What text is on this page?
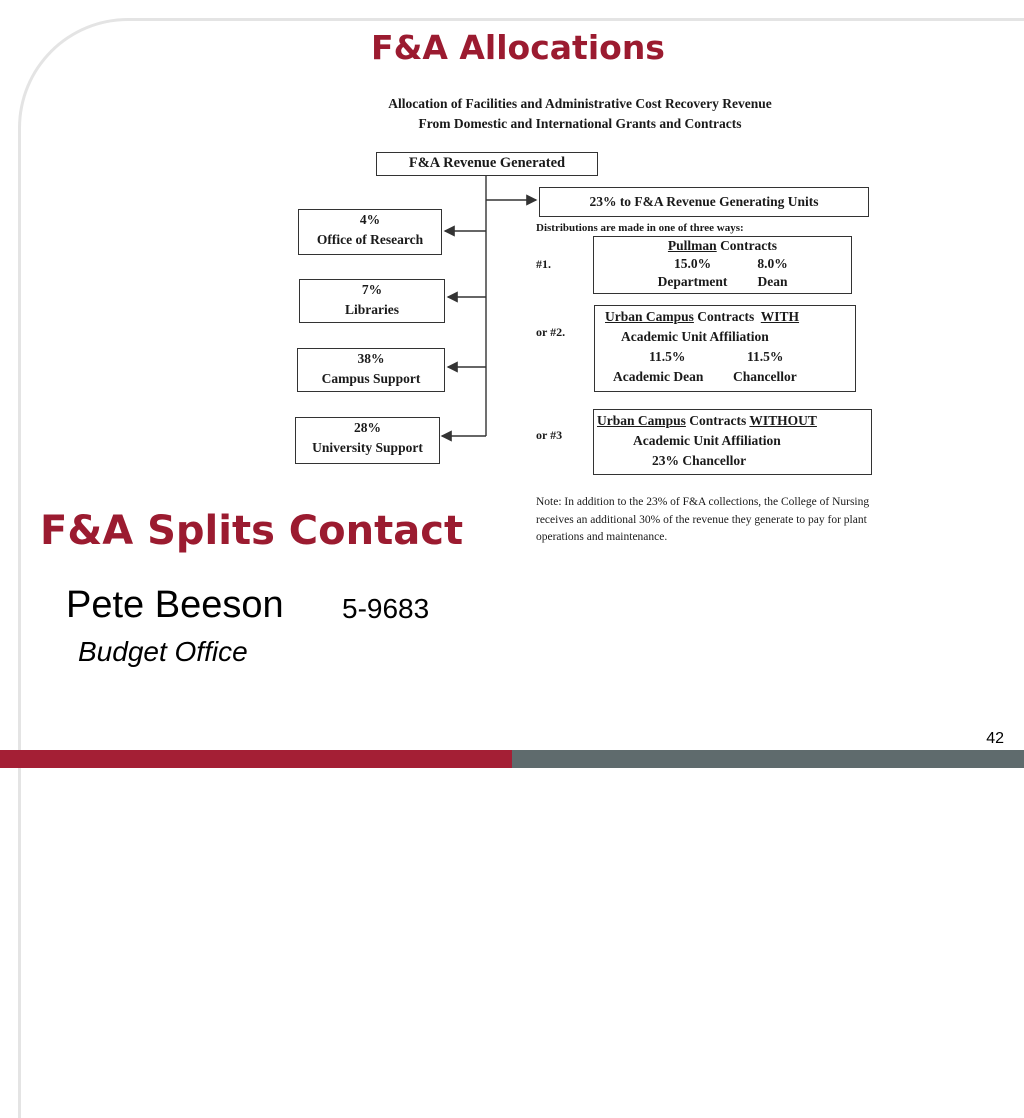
F&A Allocations
Allocation of Facilities and Administrative Cost Recovery Revenue
From Domestic and International Grants and Contracts
F&A Revenue Generated
4%
Office of Research
7%
Libraries
38%
Campus Support
28%
University Support
23% to F&A Revenue Generating Units
Distributions are made in one of three ways:
#1.
Pullman Contracts
15.0%	8.0%
Department Dean
or #2.
Urban Campus Contracts  WITH
Academic Unit Affiliation
11.5%	11.5%
Academic Dean Chancellor
or #3
Urban Campus Contracts WITHOUT
Academic Unit Affiliation
23% Chancellor
Note: In addition to the 23% of F&A collections, the College of Nursing receives an additional 30% of the revenue they generate to pay for plant operations and maintenance.
F&A Splits Contact
Pete Beeson 5-9683
Budget Office
42
